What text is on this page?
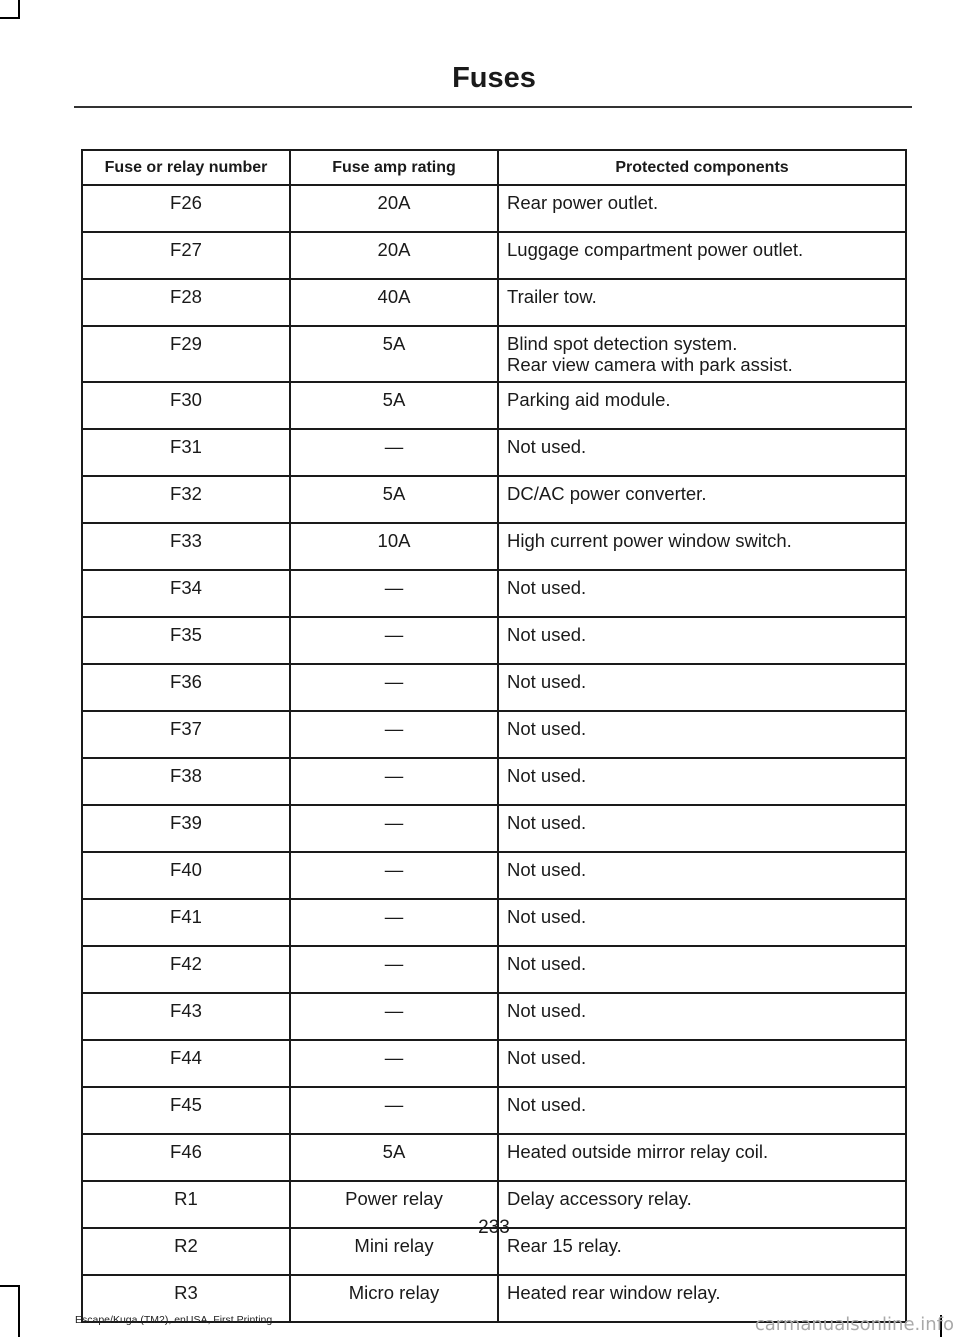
Fuses
Fuse or relay number	Fuse amp rating	Protected components
F26	20A	Rear power outlet.
F27	20A	Luggage compartment power outlet.
F28	40A	Trailer tow.
F29	5A	Blind spot detection system.
Rear view camera with park assist.
F30	5A	Parking aid module.
F31	—	Not used.
F32	5A	DC/AC power converter.
F33	10A	High current power window switch.
F34	—	Not used.
F35	—	Not used.
F36	—	Not used.
F37	—	Not used.
F38	—	Not used.
F39	—	Not used.
F40	—	Not used.
F41	—	Not used.
F42	—	Not used.
F43	—	Not used.
F44	—	Not used.
F45	—	Not used.
F46	5A	Heated outside mirror relay coil.
R1	Power relay	Delay accessory relay.
R2	Mini relay	Rear 15 relay.
R3	Micro relay	Heated rear window relay.
233
Escape/Kuga (TM2), enUSA, First Printing	carmanualsonline.info
